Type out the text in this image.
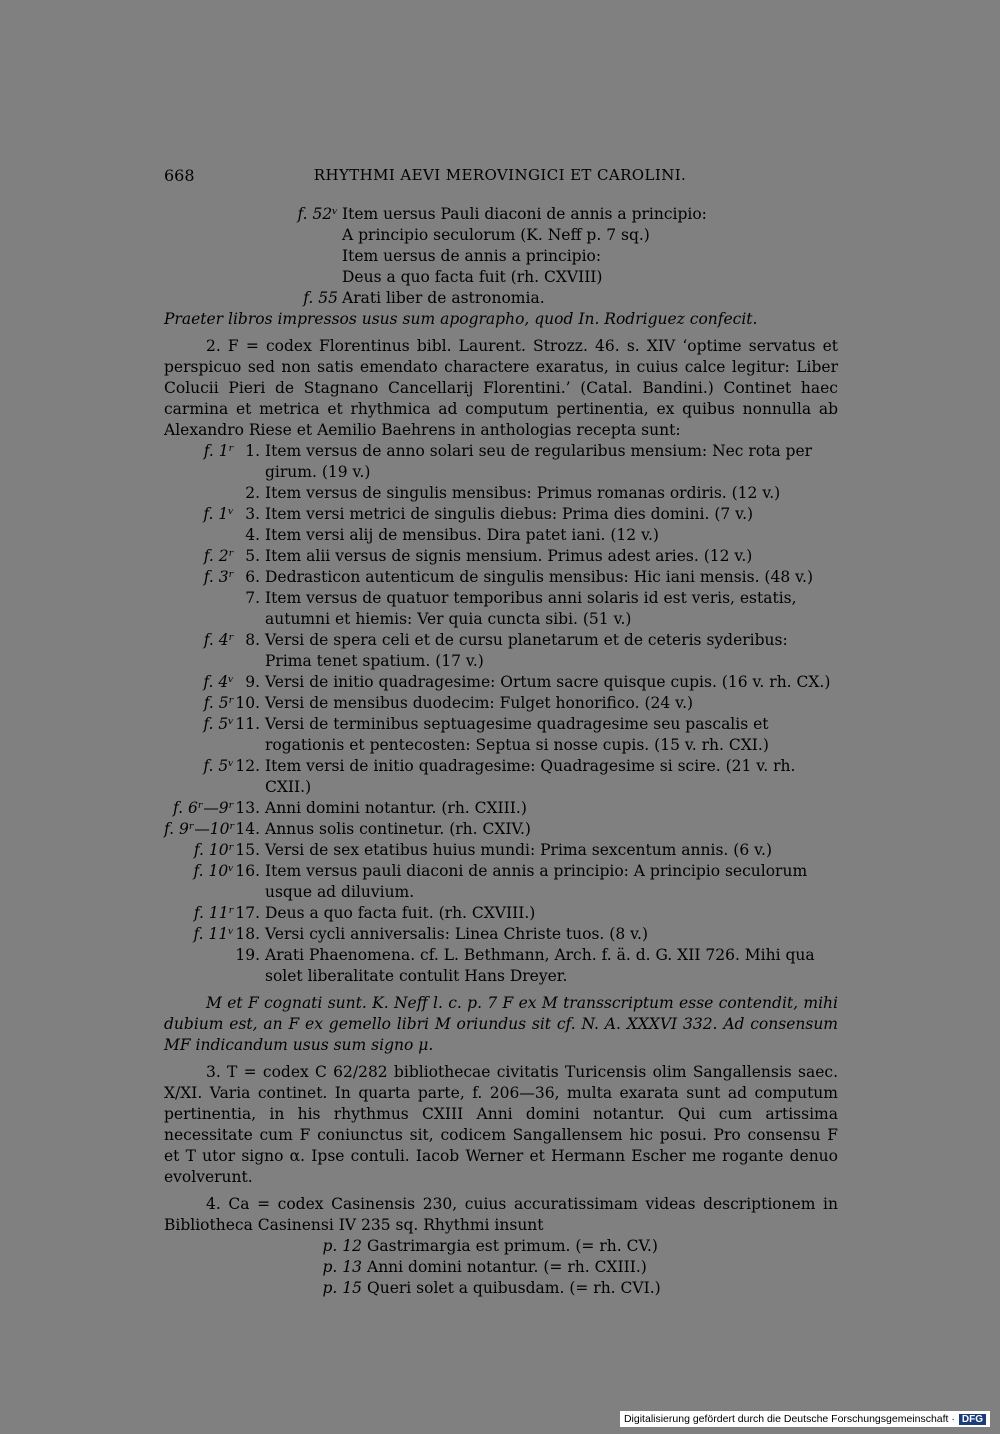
668	RHYTHMI AEVI MEROVINGICI ET CAROLINI.
f. 52ᵛ Item uersus Pauli diaconi de annis a principio:
A principio seculorum (K. Neff p. 7 sq.)
Item uersus de annis a principio:
Deus a quo facta fuit (rh. CXVIII)
f. 55 Arati liber de astronomia.
Praeter libros impressos usus sum apographo, quod In. Rodriguez confecit.
2. F = codex Florentinus bibl. Laurent. Strozz. 46. s. XIV ‘optime servatus et perspicuo sed non satis emendato charactere exaratus, in cuius calce legitur: Liber Colucii Pieri de Stagnano Cancellarij Florentini.’ (Catal. Bandini.) Continet haec carmina et metrica et rhythmica ad computum pertinentia, ex quibus nonnulla ab Alexandro Riese et Aemilio Baehrens in anthologias recepta sunt:
f. 1ʳ 1. Item versus de anno solari seu de regularibus mensium: Nec rota per girum. (19 v.)
2. Item versus de singulis mensibus: Primus romanas ordiris. (12 v.)
f. 1ᵛ 3. Item versi metrici de singulis diebus: Prima dies domini. (7 v.)
4. Item versi alij de mensibus. Dira patet iani. (12 v.)
f. 2ʳ 5. Item alii versus de signis mensium. Primus adest aries. (12 v.)
f. 3ʳ 6. Dedrasticon autenticum de singulis mensibus: Hic iani mensis. (48 v.)
7. Item versus de quatuor temporibus anni solaris id est veris, estatis, autumni et hiemis: Ver quia cuncta sibi. (51 v.)
f. 4ʳ 8. Versi de spera celi et de cursu planetarum et de ceteris syderibus: Prima tenet spatium. (17 v.)
f. 4ᵛ 9. Versi de initio quadragesime: Ortum sacre quisque cupis. (16 v. rh. CX.)
f. 5ʳ 10. Versi de mensibus duodecim: Fulget honorifico. (24 v.)
f. 5ᵛ 11. Versi de terminibus septuagesime quadragesime seu pascalis et rogationis et pentecosten: Septua si nosse cupis. (15 v. rh. CXI.)
f. 5ᵛ 12. Item versi de initio quadragesime: Quadragesime si scire. (21 v. rh. CXII.)
f. 6ʳ—9ʳ 13. Anni domini notantur. (rh. CXIII.)
f. 9ʳ—10ʳ 14. Annus solis continetur. (rh. CXIV.)
f. 10ʳ 15. Versi de sex etatibus huius mundi: Prima sexcentum annis. (6 v.)
f. 10ᵛ 16. Item versus pauli diaconi de annis a principio: A principio seculorum usque ad diluvium.
f. 11ʳ 17. Deus a quo facta fuit. (rh. CXVIII.)
f. 11ᵛ 18. Versi cycli anniversalis: Linea Christe tuos. (8 v.)
19. Arati Phaenomena. cf. L. Bethmann, Arch. f. ä. d. G. XII 726. Mihi qua solet liberalitate contulit Hans Dreyer.
M et F cognati sunt. K. Neff l. c. p. 7 F ex M transscriptum esse contendit, mihi dubium est, an F ex gemello libri M oriundus sit cf. N. A. XXXVI 332. Ad consensum MF indicandum usus sum signo μ.
3. T = codex C 62/282 bibliothecae civitatis Turicensis olim Sangallensis saec. X/XI. Varia continet. In quarta parte, f. 206—36, multa exarata sunt ad computum pertinentia, in his rhythmus CXIII Anni domini notantur. Qui cum artissima necessitate cum F coniunctus sit, codicem Sangallensem hic posui. Pro consensu F et T utor signo α. Ipse contuli. Iacob Werner et Hermann Escher me rogante denuo evolverunt.
4. Ca = codex Casinensis 230, cuius accuratissimam videas descriptionem in Bibliotheca Casinensi IV 235 sq. Rhythmi insunt
p. 12 Gastrimargia est primum. (= rh. CV.)
p. 13 Anni domini notantur. (= rh. CXIII.)
p. 15 Queri solet a quibusdam. (= rh. CVI.)
Digitalisierung gefördert durch die Deutsche Forschungsgemeinschaft · DFG
